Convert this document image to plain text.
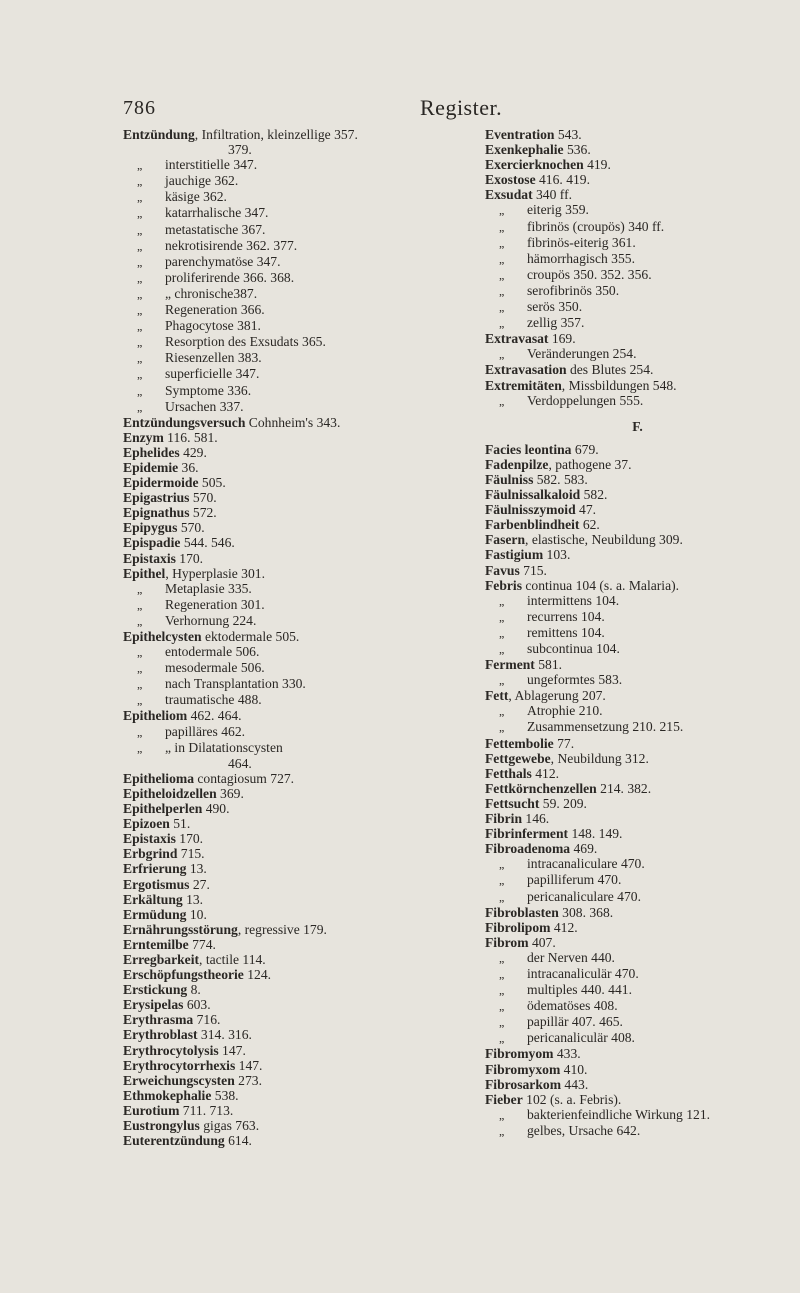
786	Register.
Entzündung, Infiltration, kleinzellige 357.
379.
„ interstitielle 347.
„ jauchige 362.
„ käsige 362.
„ katarrhalische 347.
„ metastatische 367.
„ nekrotisirende 362. 377.
„ parenchymatöse 347.
„ proliferirende 366. 368.
„ „ chronische387.
„ Regeneration 366.
„ Phagocytose 381.
„ Resorption des Exsudats 365.
„ Riesenzellen 383.
„ superficielle 347.
„ Symptome 336.
„ Ursachen 337.
Entzündungsversuch Cohnheim's 343.
Enzym 116. 581.
Ephelides 429.
Epidemie 36.
Epidermoide 505.
Epigastrius 570.
Epignathus 572.
Epipygus 570.
Epispadie 544. 546.
Epistaxis 170.
Epithel, Hyperplasie 301.
„ Metaplasie 335.
„ Regeneration 301.
„ Verhornung 224.
Epithelcysten ektodermale 505.
„ entodermale 506.
„ mesodermale 506.
„ nach Transplantation 330.
„ traumatische 488.
Epitheliom 462. 464.
„ papilläres 462.
„ „ in Dilatationscysten
464.
Epithelioma contagiosum 727.
Epitheloidzellen 369.
Epithelperlen 490.
Epizoen 51.
Epistaxis 170.
Erbgrind 715.
Erfrierung 13.
Ergotismus 27.
Erkältung 13.
Ermüdung 10.
Ernährungsstörung, regressive 179.
Erntemilbe 774.
Erregbarkeit, tactile 114.
Erschöpfungstheorie 124.
Erstickung 8.
Erysipelas 603.
Erythrasma 716.
Erythroblast 314. 316.
Erythrocytolysis 147.
Erythrocytorrhexis 147.
Erweichungscysten 273.
Ethmokephalie 538.
Eurotium 711. 713.
Eustrongylus gigas 763.
Euterentzündung 614.
Eventration 543.
Exenkephalie 536.
Exercierknochen 419.
Exostose 416. 419.
Exsudat 340 ff.
„ eiterig 359.
„ fibrinös (croupös) 340 ff.
„ fibrinös-eiterig 361.
„ hämorrhagisch 355.
„ croupös 350. 352. 356.
„ serofibrinös 350.
„ serös 350.
„ zellig 357.
Extravasat 169.
„ Veränderungen 254.
Extravasation des Blutes 254.
Extremitäten, Missbildungen 548.
„ Verdoppelungen 555.
F.
Facies leontina 679.
Fadenpilze, pathogene 37.
Fäulniss 582. 583.
Fäulnissalkaloid 582.
Fäulnisszymoid 47.
Farbenblindheit 62.
Fasern, elastische, Neubildung 309.
Fastigium 103.
Favus 715.
Febris continua 104 (s. a. Malaria).
„ intermittens 104.
„ recurrens 104.
„ remittens 104.
„ subcontinua 104.
Ferment 581.
„ ungeformtes 583.
Fett, Ablagerung 207.
„ Atrophie 210.
„ Zusammensetzung 210. 215.
Fettembolie 77.
Fettgewebe, Neubildung 312.
Fetthals 412.
Fettkörnchenzellen 214. 382.
Fettsucht 59. 209.
Fibrin 146.
Fibrinferment 148. 149.
Fibroadenoma 469.
„ intracanaliculare 470.
„ papilliferum 470.
„ pericanaliculare 470.
Fibroblasten 308. 368.
Fibrolipom 412.
Fibrom 407.
„ der Nerven 440.
„ intracanaliculär 470.
„ multiples 440. 441.
„ ödematöses 408.
„ papillär 407. 465.
„ pericanaliculär 408.
Fibromyom 433.
Fibromyxom 410.
Fibrosarkom 443.
Fieber 102 (s. a. Febris).
„ bakterienfeindliche Wirkung 121.
„ gelbes, Ursache 642.
